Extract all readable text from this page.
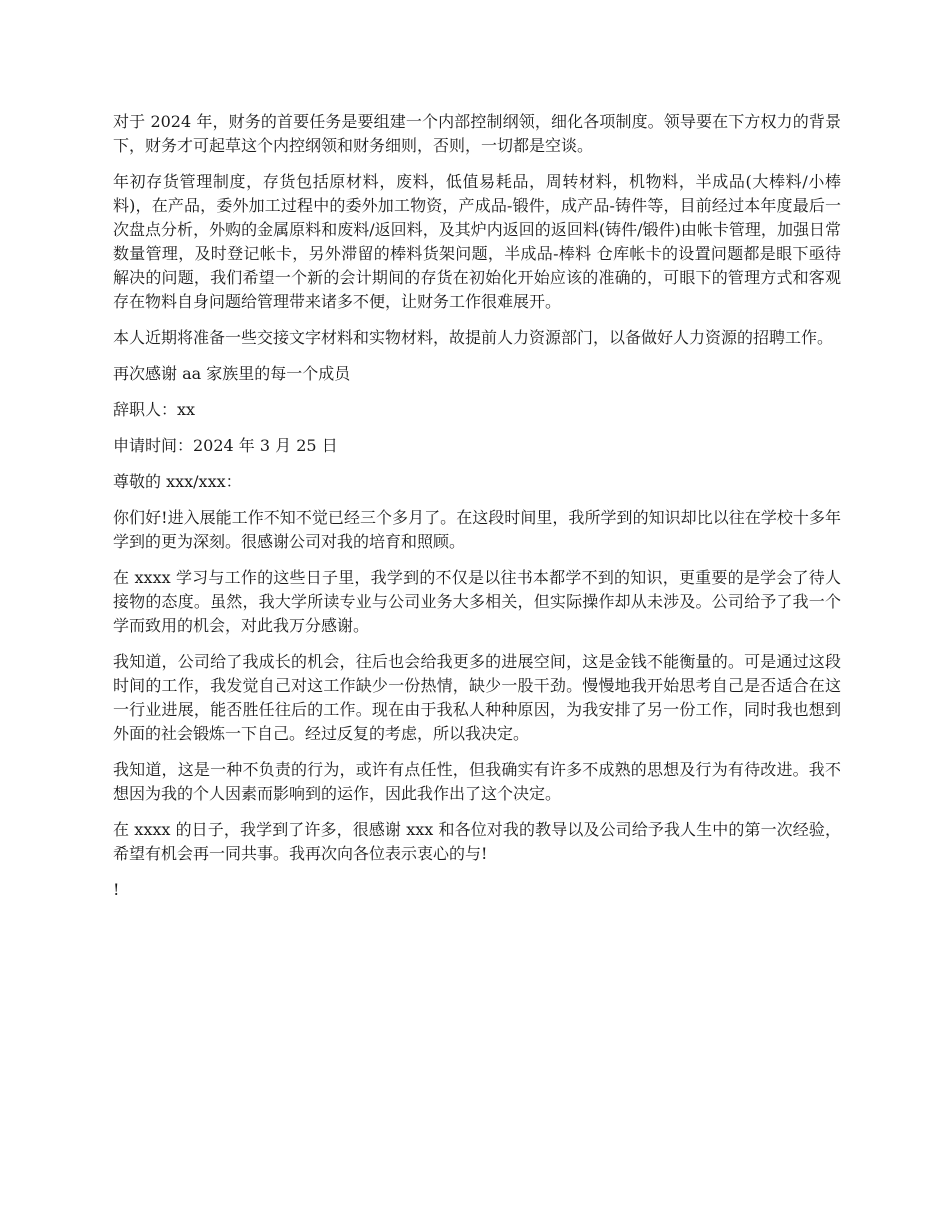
对于 2024 年，财务的首要任务是要组建一个内部控制纲领，细化各项制度。领导要在下方权力的背景下，财务才可起草这个内控纲领和财务细则，否则，一切都是空谈。

年初存货管理制度，存货包括原材料，废料，低值易耗品，周转材料，机物料，半成品(大棒料/小棒料)，在产品，委外加工过程中的委外加工物资，产成品-锻件，成产品-铸件等，目前经过本年度最后一次盘点分析，外购的金属原料和废料/返回料，及其炉内返回的返回料(铸件/锻件)由帐卡管理，加强日常数量管理，及时登记帐卡，另外滞留的棒料货架问题，半成品-棒料 仓库帐卡的设置问题都是眼下亟待解决的问题，我们希望一个新的会计期间的存货在初始化开始应该的准确的，可眼下的管理方式和客观存在物料自身问题给管理带来诸多不便，让财务工作很难展开。

本人近期将准备一些交接文字材料和实物材料，故提前人力资源部门，以备做好人力资源的招聘工作。

再次感谢 aa 家族里的每一个成员

辞职人：xx

申请时间：2024 年 3 月 25 日

尊敬的 xxx/xxx：

你们好!进入展能工作不知不觉已经三个多月了。在这段时间里，我所学到的知识却比以往在学校十多年学到的更为深刻。很感谢公司对我的培育和照顾。

在 xxxx 学习与工作的这些日子里，我学到的不仅是以往书本都学不到的知识，更重要的是学会了待人接物的态度。虽然，我大学所读专业与公司业务大多相关，但实际操作却从未涉及。公司给予了我一个学而致用的机会，对此我万分感谢。

我知道，公司给了我成长的机会，往后也会给我更多的进展空间，这是金钱不能衡量的。可是通过这段时间的工作，我发觉自己对这工作缺少一份热情，缺少一股干劲。慢慢地我开始思考自己是否适合在这一行业进展，能否胜任往后的工作。现在由于我私人种种原因，为我安排了另一份工作，同时我也想到外面的社会锻炼一下自己。经过反复的考虑，所以我决定。

我知道，这是一种不负责的行为，或许有点任性，但我确实有许多不成熟的思想及行为有待改进。我不想因为我的个人因素而影响到的运作，因此我作出了这个决定。

在 xxxx 的日子，我学到了许多，很感谢 xxx 和各位对我的教导以及公司给予我人生中的第一次经验，希望有机会再一同共事。我再次向各位表示衷心的与!

!
